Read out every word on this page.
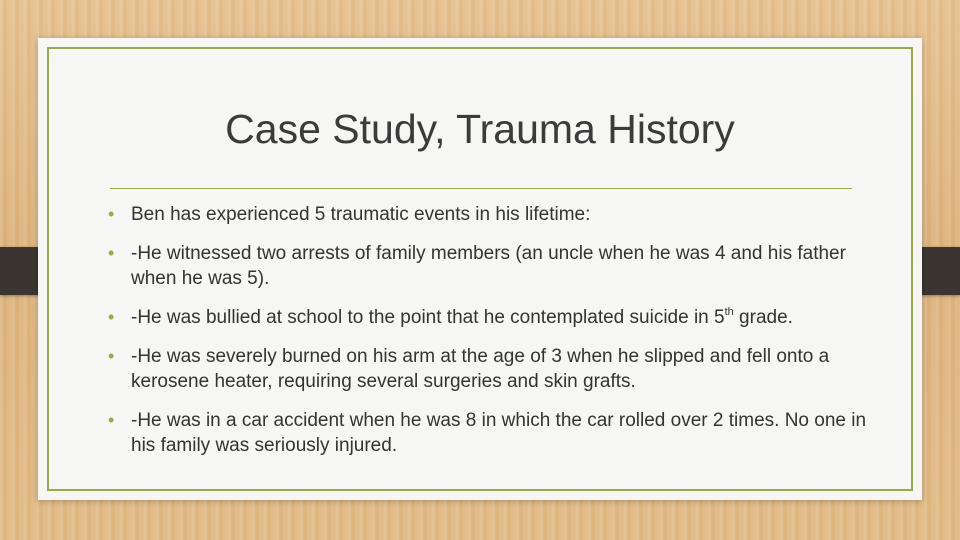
Case Study, Trauma History
• Ben has experienced 5 traumatic events in his lifetime:
• -He witnessed two arrests of family members (an uncle when he was 4 and his father when he was 5).
• -He was bullied at school to the point that he contemplated suicide in 5th grade.
• -He was severely burned on his arm at the age of 3 when he slipped and fell onto a kerosene heater, requiring several surgeries and skin grafts.
• -He was in a car accident when he was 8 in which the car rolled over 2 times. No one in his family was seriously injured.
